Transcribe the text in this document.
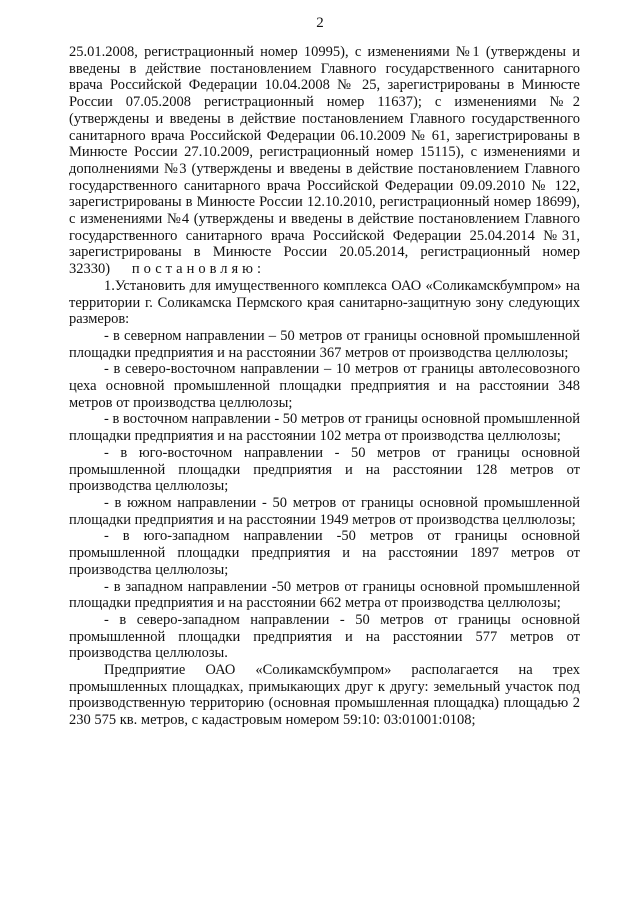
2

25.01.2008, регистрационный номер 10995), с изменениями №1 (утверждены и введены в действие постановлением Главного государственного санитарного врача Российской Федерации 10.04.2008 № 25, зарегистрированы в Минюсте России 07.05.2008 регистрационный номер 11637); с изменениями №2 (утверждены и введены в действие постановлением Главного государственного санитарного врача Российской Федерации 06.10.2009 № 61, зарегистрированы в Минюсте России 27.10.2009, регистрационный номер 15115), с изменениями и дополнениями №3 (утверждены и введены в действие постановлением Главного государственного санитарного врача Российской Федерации 09.09.2010 № 122, зарегистрированы в Минюсте России 12.10.2010, регистрационный номер 18699), с изменениями №4 (утверждены и введены в действие постановлением Главного государственного санитарного врача Российской Федерации 25.04.2014 №31, зарегистрированы в Минюсте России 20.05.2014, регистрационный номер 32330) постановляю:

1.Установить для имущественного комплекса ОАО «Соликамскбумпром» на территории г. Соликамска Пермского края санитарно-защитную зону следующих размеров:

- в северном направлении – 50 метров от границы основной промышленной площадки предприятия и на расстоянии 367 метров от производства целлюлозы;

- в северо-восточном направлении – 10 метров от границы автолесовозного цеха основной промышленной площадки предприятия и на расстоянии 348 метров от производства целлюлозы;

- в восточном направлении - 50 метров от границы основной промышленной площадки предприятия и на расстоянии 102 метра от производства целлюлозы;

- в юго-восточном направлении - 50 метров от границы основной промышленной площадки предприятия и на расстоянии 128 метров от производства целлюлозы;

- в южном направлении - 50 метров от границы основной промышленной площадки предприятия и на расстоянии 1949 метров от производства целлюлозы;

- в юго-западном направлении -50 метров от границы основной промышленной площадки предприятия и на расстоянии 1897 метров от производства целлюлозы;

- в западном направлении -50 метров от границы основной промышленной площадки предприятия и на расстоянии 662 метра от производства целлюлозы;

- в северо-западном направлении - 50 метров от границы основной промышленной площадки предприятия и на расстоянии 577 метров от производства целлюлозы.

Предприятие ОАО «Соликамскбумпром» располагается на трех промышленных площадках, примыкающих друг к другу: земельный участок под производственную территорию (основная промышленная площадка) площадью 2 230 575 кв. метров, с кадастровым номером 59:10: 03:01001:0108;
